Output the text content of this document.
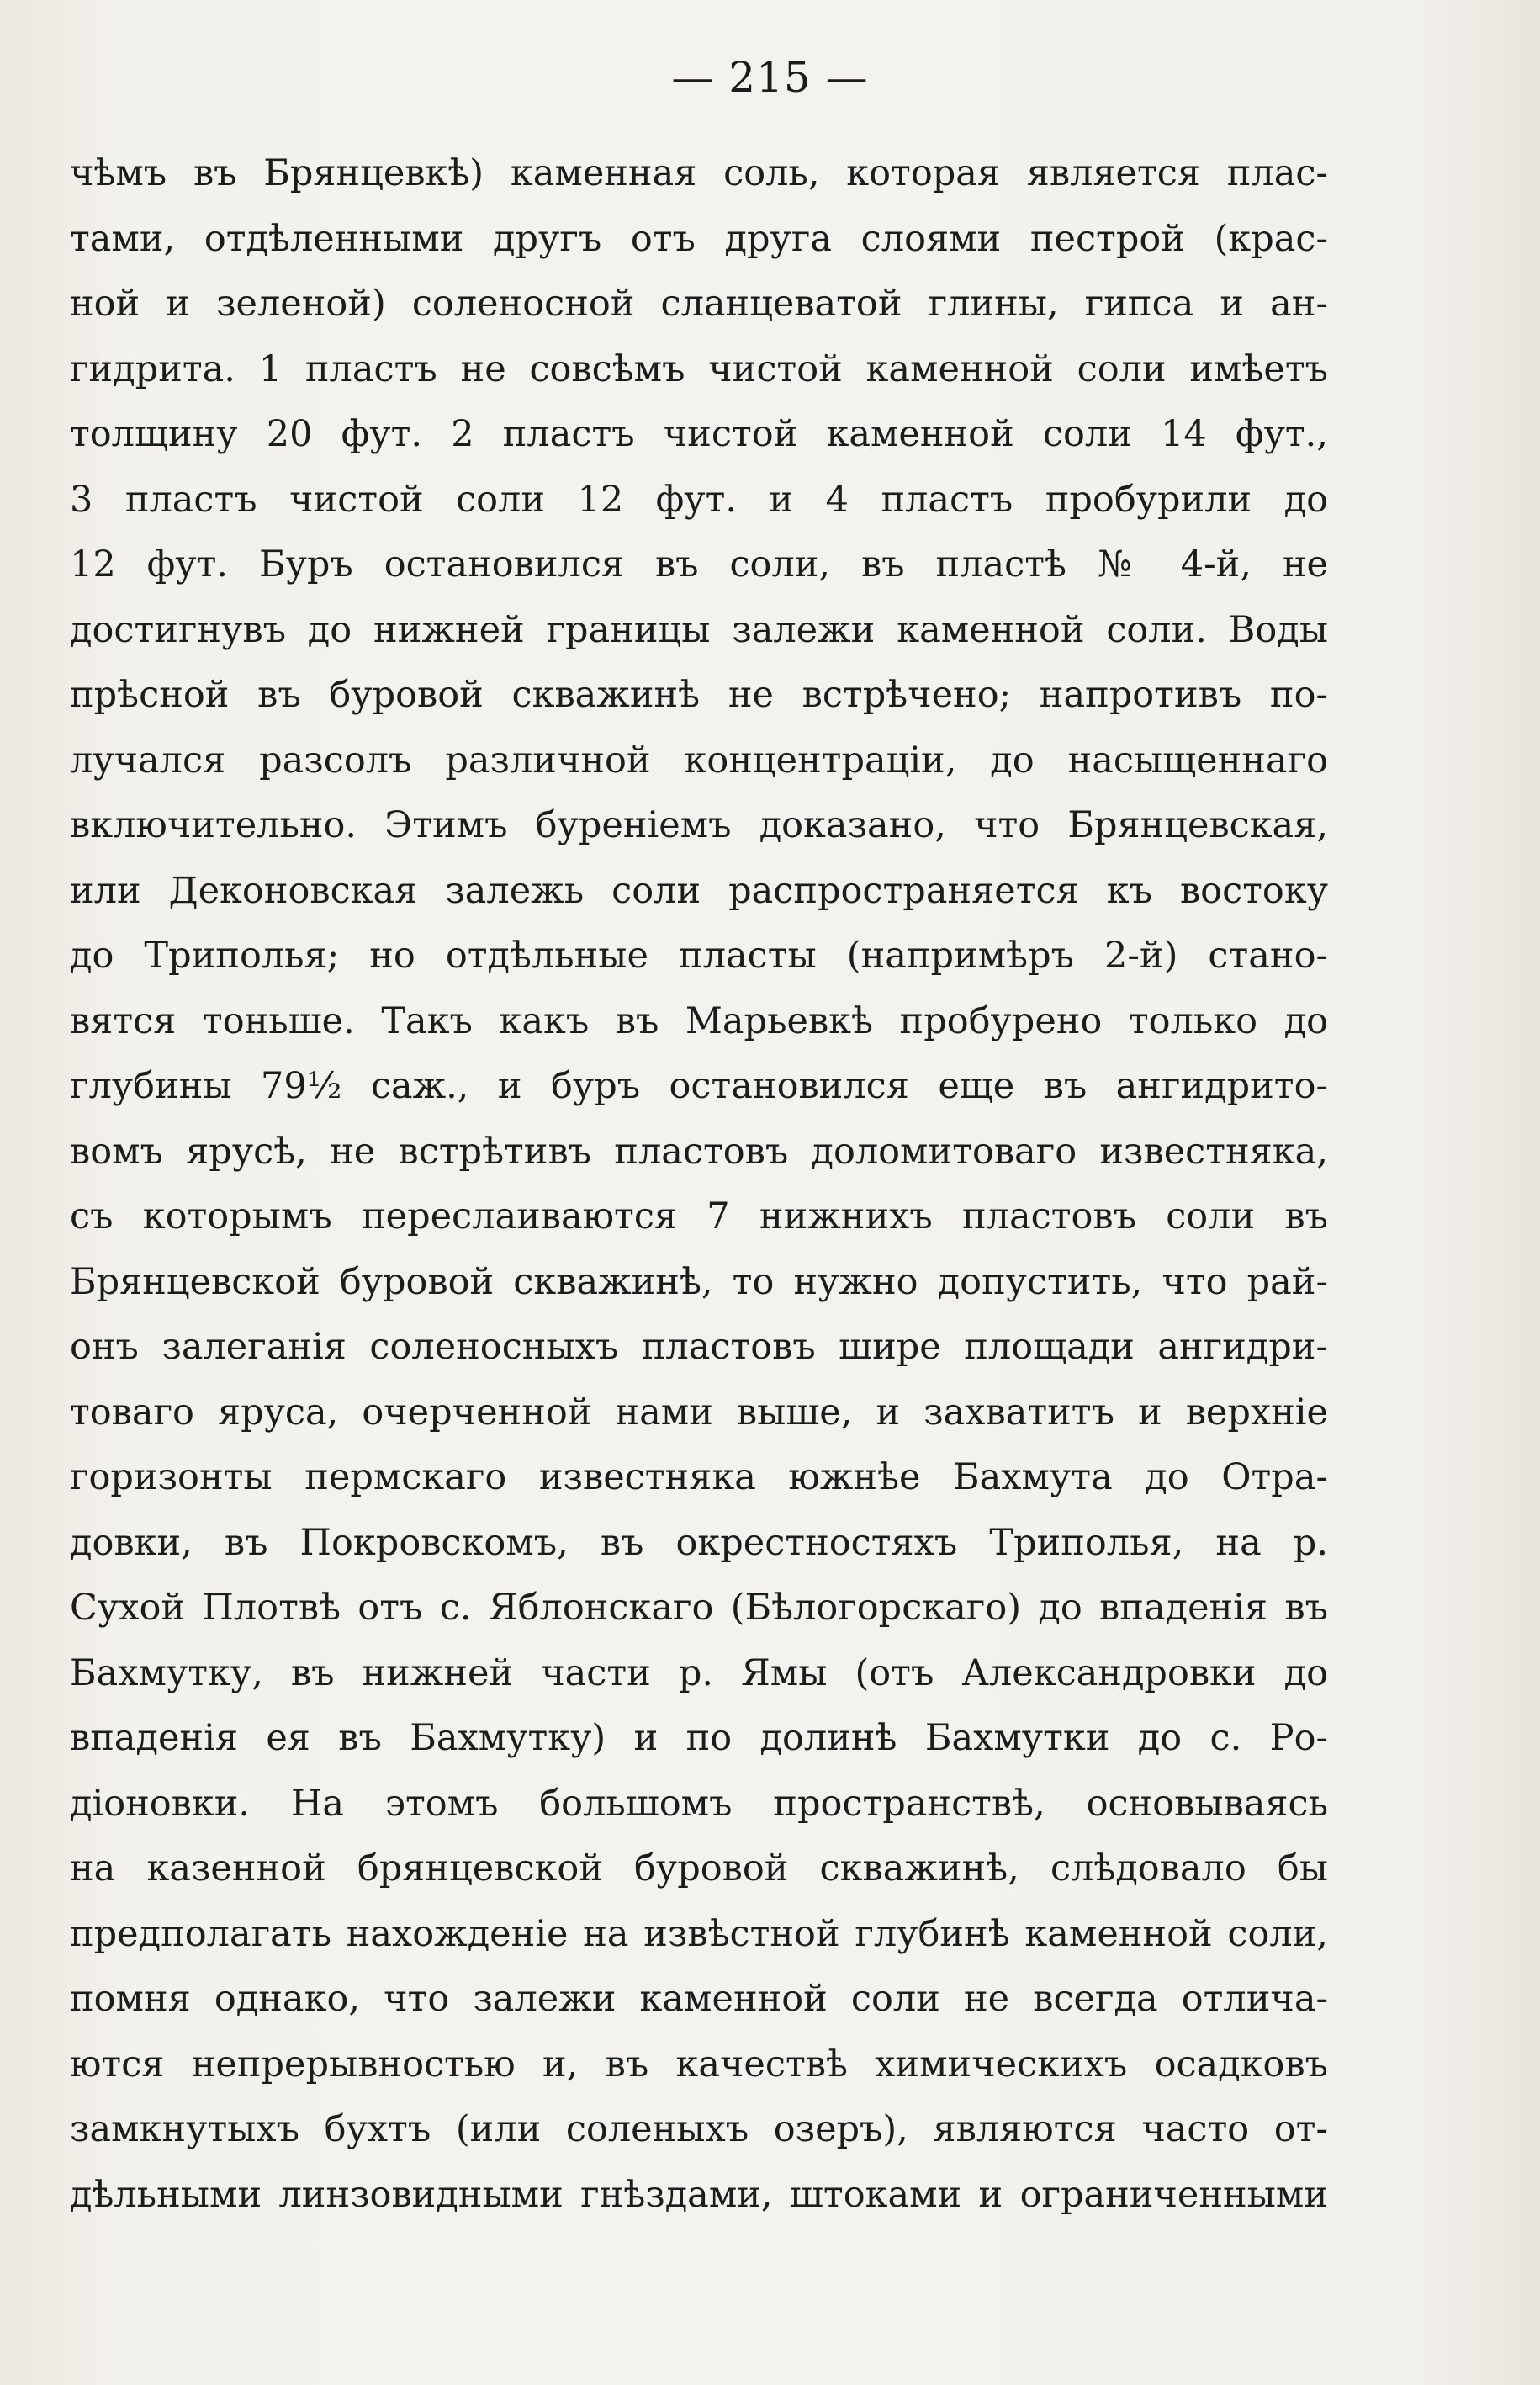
— 215 —
чѣмъ въ Брянцевкѣ) каменная соль, которая является плас-
тами, отдѣленными другъ отъ друга слоями пестрой (крас-
ной и зеленой) соленосной сланцеватой глины, гипса и ан-
гидрита. 1 пластъ не совсѣмъ чистой каменной соли имѣетъ
толщину 20 фут. 2 пластъ чистой каменной соли 14 фут.,
3 пластъ чистой соли 12 фут. и 4 пластъ пробурили до
12 фут. Буръ остановился въ соли, въ пластѣ № 4-й, не
достигнувъ до нижней границы залежи каменной соли. Воды
прѣсной въ буровой скважинѣ не встрѣчено; напротивъ по-
лучался разсолъ различной концентраціи, до насыщеннаго
включительно. Этимъ буреніемъ доказано, что Брянцевская,
или Деконовская залежь соли распространяется къ востоку
до Триполья; но отдѣльные пласты (напримѣръ 2-й) стано-
вятся тоньше. Такъ какъ въ Марьевкѣ пробурено только до
глубины 79½ саж., и буръ остановился еще въ ангидрито-
вомъ ярусѣ, не встрѣтивъ пластовъ доломитоваго известняка,
съ которымъ переслаиваются 7 нижнихъ пластовъ соли въ
Брянцевской буровой скважинѣ, то нужно допустить, что рай-
онъ залеганія соленосныхъ пластовъ шире площади ангидри-
товаго яруса, очерченной нами выше, и захватитъ и верхніе
горизонты пермскаго известняка южнѣе Бахмута до Отра-
довки, въ Покровскомъ, въ окрестностяхъ Триполья, на р.
Сухой Плотвѣ отъ с. Яблонскаго (Бѣлогорскаго) до впаденія въ
Бахмутку, въ нижней части р. Ямы (отъ Александровки до
впаденія ея въ Бахмутку) и по долинѣ Бахмутки до с. Ро-
діоновки. На этомъ большомъ пространствѣ, основываясь
на казенной брянцевской буровой скважинѣ, слѣдовало бы
предполагать нахожденіе на извѣстной глубинѣ каменной соли,
помня однако, что залежи каменной соли не всегда отлича-
ются непрерывностью и, въ качествѣ химическихъ осадковъ
замкнутыхъ бухтъ (или соленыхъ озеръ), являются часто от-
дѣльными линзовидными гнѣздами, штоками и ограниченными
